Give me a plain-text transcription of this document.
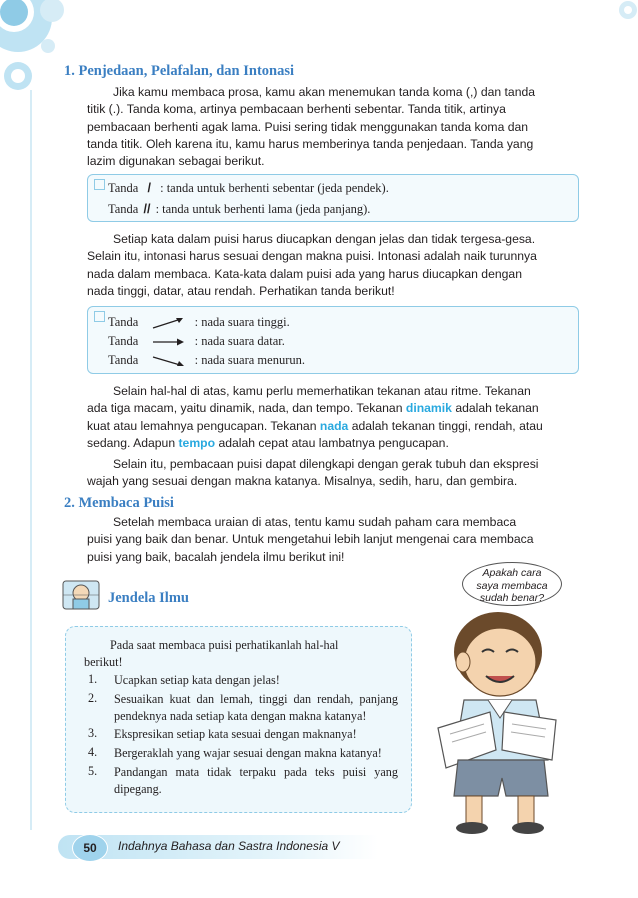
1. Penjedaan, Pelafalan, dan Intonasi
Jika kamu membaca prosa, kamu akan menemukan tanda koma (,) dan tanda
titik (.). Tanda koma, artinya pembacaan berhenti sebentar. Tanda titik, artinya
pembacaan berhenti agak lama. Puisi sering tidak menggunakan tanda koma dan
tanda titik. Oleh karena itu, kamu harus memberinya tanda penjedaan. Tanda yang
lazim digunakan sebagai berikut.
Tanda / : tanda untuk berhenti sebentar (jeda pendek).
Tanda // : tanda untuk berhenti lama (jeda panjang).
Setiap kata dalam puisi harus diucapkan dengan jelas dan tidak tergesa-gesa.
Selain itu, intonasi harus sesuai dengan makna puisi. Intonasi adalah naik turunnya
nada dalam membaca. Kata-kata dalam puisi ada yang harus diucapkan dengan
nada tinggi, datar, atau rendah. Perhatikan tanda berikut!
Tanda	: nada suara tinggi.
Tanda	: nada suara datar.
Tanda	: nada suara menurun.
Selain hal-hal di atas, kamu perlu memerhatikan tekanan atau ritme. Tekanan
ada tiga macam, yaitu dinamik, nada, dan tempo. Tekanan dinamik adalah tekanan
kuat atau lemahnya pengucapan. Tekanan nada adalah tekanan tinggi, rendah, atau
sedang. Adapun tempo adalah cepat atau lambatnya pengucapan.
Selain itu, pembacaan puisi dapat dilengkapi dengan gerak tubuh dan ekspresi
wajah yang sesuai dengan makna katanya. Misalnya, sedih, haru, dan gembira.
2. Membaca Puisi
Setelah membaca uraian di atas, tentu kamu sudah paham cara membaca
puisi yang baik dan benar. Untuk mengetahui lebih lanjut mengenai cara membaca
puisi yang baik, bacalah jendela ilmu berikut ini!
Jendela Ilmu
Pada saat membaca puisi perhatikanlah hal-hal
berikut!
1. Ucapkan setiap kata dengan jelas!
2. Sesuaikan kuat dan lemah, tinggi dan rendah, panjang pendeknya nada setiap kata dengan makna katanya!
3. Ekspresikan setiap kata sesuai dengan maknanya!
4. Bergeraklah yang wajar sesuai dengan makna katanya!
5. Pandangan mata tidak terpaku pada teks puisi yang dipegang.
Apakah cara
saya membaca
sudah benar?
50	Indahnya Bahasa dan Sastra Indonesia V
